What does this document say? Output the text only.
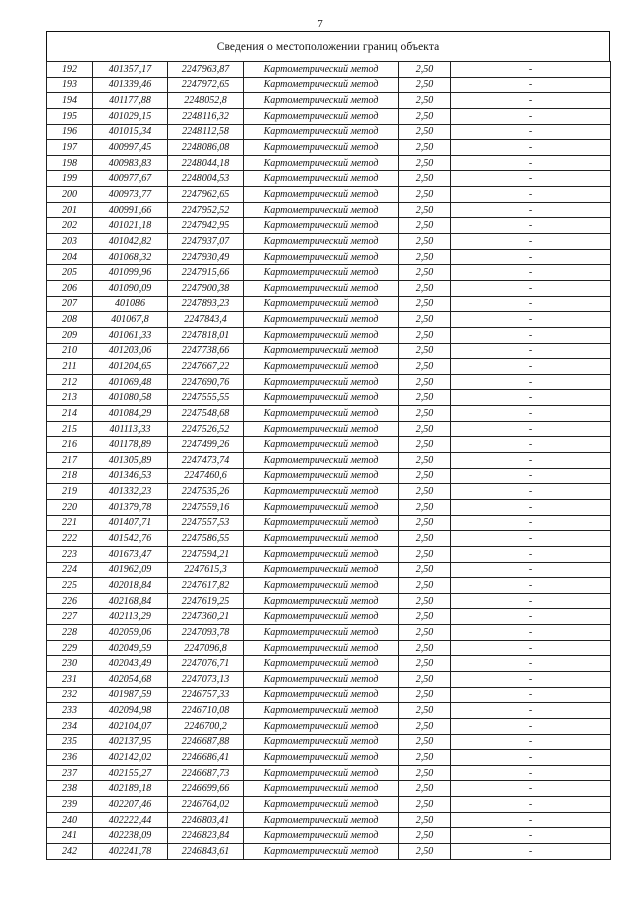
7
Сведения о местоположении границ объекта
192	401357,17	2247963,87	Картометрический метод	2,50	-
193	401339,46	2247972,65	Картометрический метод	2,50	-
194	401177,88	2248052,8	Картометрический метод	2,50	-
195	401029,15	2248116,32	Картометрический метод	2,50	-
196	401015,34	2248112,58	Картометрический метод	2,50	-
197	400997,45	2248086,08	Картометрический метод	2,50	-
198	400983,83	2248044,18	Картометрический метод	2,50	-
199	400977,67	2248004,53	Картометрический метод	2,50	-
200	400973,77	2247962,65	Картометрический метод	2,50	-
201	400991,66	2247952,52	Картометрический метод	2,50	-
202	401021,18	2247942,95	Картометрический метод	2,50	-
203	401042,82	2247937,07	Картометрический метод	2,50	-
204	401068,32	2247930,49	Картометрический метод	2,50	-
205	401099,96	2247915,66	Картометрический метод	2,50	-
206	401090,09	2247900,38	Картометрический метод	2,50	-
207	401086	2247893,23	Картометрический метод	2,50	-
208	401067,8	2247843,4	Картометрический метод	2,50	-
209	401061,33	2247818,01	Картометрический метод	2,50	-
210	401203,06	2247738,66	Картометрический метод	2,50	-
211	401204,65	2247667,22	Картометрический метод	2,50	-
212	401069,48	2247690,76	Картометрический метод	2,50	-
213	401080,58	2247555,55	Картометрический метод	2,50	-
214	401084,29	2247548,68	Картометрический метод	2,50	-
215	401113,33	2247526,52	Картометрический метод	2,50	-
216	401178,89	2247499,26	Картометрический метод	2,50	-
217	401305,89	2247473,74	Картометрический метод	2,50	-
218	401346,53	2247460,6	Картометрический метод	2,50	-
219	401332,23	2247535,26	Картометрический метод	2,50	-
220	401379,78	2247559,16	Картометрический метод	2,50	-
221	401407,71	2247557,53	Картометрический метод	2,50	-
222	401542,76	2247586,55	Картометрический метод	2,50	-
223	401673,47	2247594,21	Картометрический метод	2,50	-
224	401962,09	2247615,3	Картометрический метод	2,50	-
225	402018,84	2247617,82	Картометрический метод	2,50	-
226	402168,84	2247619,25	Картометрический метод	2,50	-
227	402113,29	2247360,21	Картометрический метод	2,50	-
228	402059,06	2247093,78	Картометрический метод	2,50	-
229	402049,59	2247096,8	Картометрический метод	2,50	-
230	402043,49	2247076,71	Картометрический метод	2,50	-
231	402054,68	2247073,13	Картометрический метод	2,50	-
232	401987,59	2246757,33	Картометрический метод	2,50	-
233	402094,98	2246710,08	Картометрический метод	2,50	-
234	402104,07	2246700,2	Картометрический метод	2,50	-
235	402137,95	2246687,88	Картометрический метод	2,50	-
236	402142,02	2246686,41	Картометрический метод	2,50	-
237	402155,27	2246687,73	Картометрический метод	2,50	-
238	402189,18	2246699,66	Картометрический метод	2,50	-
239	402207,46	2246764,02	Картометрический метод	2,50	-
240	402222,44	2246803,41	Картометрический метод	2,50	-
241	402238,09	2246823,84	Картометрический метод	2,50	-
242	402241,78	2246843,61	Картометрический метод	2,50	-
